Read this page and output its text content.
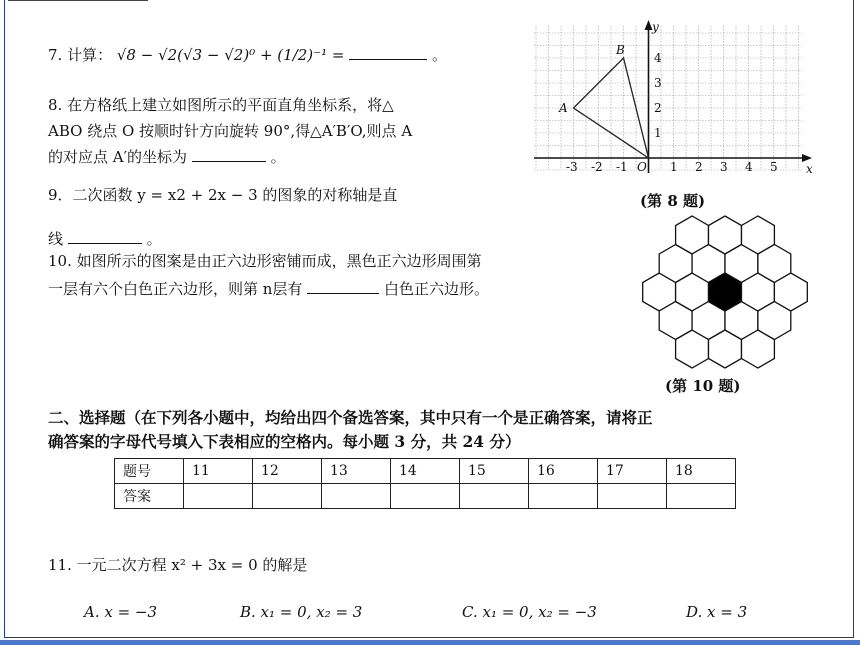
7. 计算： √8 − √2(√3 − √2)⁰ + (1/2)⁻¹ =	。
8. 在方格纸上建立如图所示的平面直角坐标系，将△
ABO 绕点 O 按顺时针方向旋转 90°,得△A′B′O,则点 A
的对应点 A′的坐标为	。
9．二次函数 y = x2 + 2x − 3 的图象的对称轴是直
线	。
10. 如图所示的图案是由正六边形密铺而成，黑色正六边形周围第
一层有六个白色正六边形，则第 n层有	白色正六边形。
y
x
A
B
O
1
2
3
4
-3 -2 -1	1 2 3 4 5
(第 8 题)
(第 10 题)
二、选择题（在下列各小题中，均给出四个备选答案，其中只有一个是正确答案，请将正
确答案的字母代号填入下表相应的空格内。每小题 3 分，共 24 分）
题号	11	12	13	14	15	16	17	18
答案								
11. 一元二次方程 x² + 3x = 0 的解是
A. x = −3	B. x₁ = 0, x₂ = 3	C. x₁ = 0, x₂ = −3	D. x = 3
